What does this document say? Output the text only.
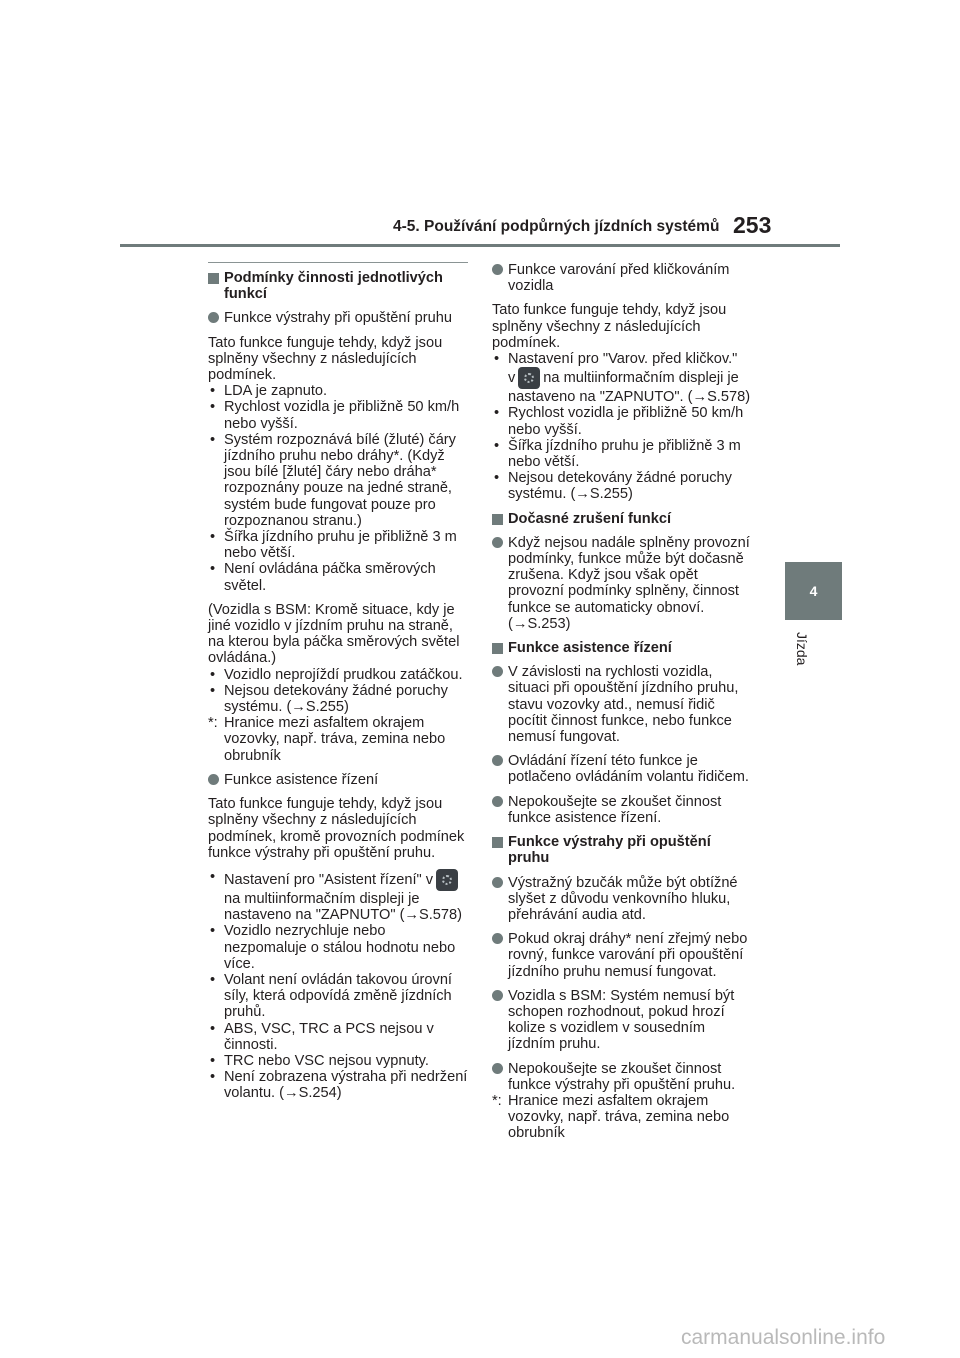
4-5. Používání podpůrných jízdních systémů 253
4
Jízda
Podmínky činnosti jednotlivých funkcí
Funkce výstrahy při opuštění pruhu
Tato funkce funguje tehdy, když jsou splněny všechny z následujících podmínek.
• LDA je zapnuto.
• Rychlost vozidla je přibližně 50 km/h nebo vyšší.
• Systém rozpoznává bílé (žluté) čáry jízdního pruhu nebo dráhy*. (Když jsou bílé [žluté] čáry nebo dráha* rozpoznány pouze na jedné straně, systém bude fungovat pouze pro rozpoznanou stranu.)
• Šířka jízdního pruhu je přibližně 3 m nebo větší.
• Není ovládána páčka směrových světel.
(Vozidla s BSM: Kromě situace, kdy je jiné vozidlo v jízdním pruhu na straně, na kterou byla páčka směrových světel ovládána.)
• Vozidlo neprojíždí prudkou zatáčkou.
• Nejsou detekovány žádné poruchy systému. (→S.255)
*: Hranice mezi asfaltem okrajem vozovky, např. tráva, zemina nebo obrubník
Funkce asistence řízení
Tato funkce funguje tehdy, když jsou splněny všechny z následujících podmínek, kromě provozních podmínek funkce výstrahy při opuštění pruhu.
• Nastavení pro "Asistent řízení" v
na multiinformačním displeji je nastaveno na "ZAPNUTO" (→S.578)
• Vozidlo nezrychluje nebo nezpomaluje o stálou hodnotu nebo více.
• Volant není ovládán takovou úrovní síly, která odpovídá změně jízdních pruhů.
• ABS, VSC, TRC a PCS nejsou v činnosti.
• TRC nebo VSC nejsou vypnuty.
• Není zobrazena výstraha při nedržení volantu. (→S.254)
Funkce varování před kličkováním vozidla
Tato funkce funguje tehdy, když jsou splněny všechny z následujících podmínek.
• Nastavení pro "Varov. před kličkov."
v na multiinformačním displeji je nastaveno na "ZAPNUTO". (→S.578)
• Rychlost vozidla je přibližně 50 km/h nebo vyšší.
• Šířka jízdního pruhu je přibližně 3 m nebo větší.
• Nejsou detekovány žádné poruchy systému. (→S.255)
Dočasné zrušení funkcí
Když nejsou nadále splněny provozní podmínky, funkce může být dočasně zrušena. Když jsou však opět provozní podmínky splněny, činnost funkce se automaticky obnoví. (→S.253)
Funkce asistence řízení
V závislosti na rychlosti vozidla, situaci při opouštění jízdního pruhu, stavu vozovky atd., nemusí řidič pocítit činnost funkce, nebo funkce nemusí fungovat.
Ovládání řízení této funkce je potlačeno ovládáním volantu řidičem.
Nepokoušejte se zkoušet činnost funkce asistence řízení.
Funkce výstrahy při opuštění pruhu
Výstražný bzučák může být obtížné slyšet z důvodu venkovního hluku, přehrávání audia atd.
Pokud okraj dráhy* není zřejmý nebo rovný, funkce varování při opouštění jízdního pruhu nemusí fungovat.
Vozidla s BSM: Systém nemusí být schopen rozhodnout, pokud hrozí kolize s vozidlem v sousedním jízdním pruhu.
Nepokoušejte se zkoušet činnost funkce výstrahy při opuštění pruhu.
*: Hranice mezi asfaltem okrajem vozovky, např. tráva, zemina nebo obrubník
carmanualsonline.info
